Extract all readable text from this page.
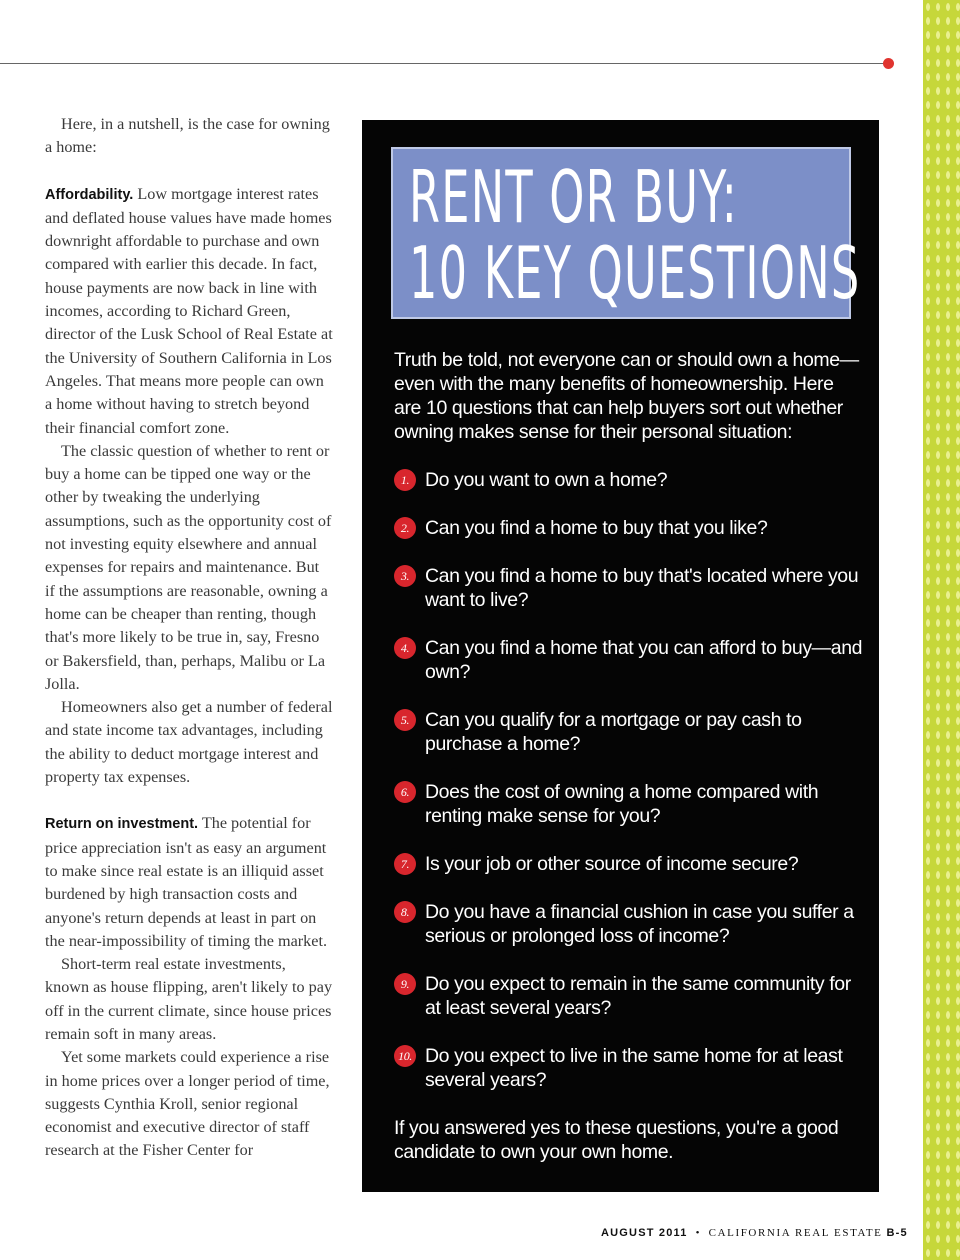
Here, in a nutshell, is the case for owning a home:

Affordability. Low mortgage interest rates and deflated house values have made homes downright affordable to purchase and own compared with earlier this decade. In fact, house payments are now back in line with incomes, according to Richard Green, director of the Lusk School of Real Estate at the University of Southern California in Los Angeles. That means more people can own a home without having to stretch beyond their financial comfort zone.

The classic question of whether to rent or buy a home can be tipped one way or the other by tweaking the underlying assumptions, such as the opportunity cost of not investing equity elsewhere and annual expenses for repairs and maintenance. But if the assumptions are reasonable, owning a home can be cheaper than renting, though that's more likely to be true in, say, Fresno or Bakersfield, than, perhaps, Malibu or La Jolla.

Homeowners also get a number of federal and state income tax advantages, including the ability to deduct mortgage interest and property tax expenses.

Return on investment. The potential for price appreciation isn't as easy an argument to make since real estate is an illiquid asset burdened by high transaction costs and anyone's return depends at least in part on the near-impossibility of timing the market.

Short-term real estate investments, known as house flipping, aren't likely to pay off in the current climate, since house prices remain soft in many areas.

Yet some markets could experience a rise in home prices over a longer period of time, suggests Cynthia Kroll, senior regional economist and executive director of staff research at the Fisher Center for

RENT OR BUY:
10 KEY QUESTIONS
Truth be told, not everyone can or should own a home—even with the many benefits of homeownership. Here are 10 questions that can help buyers sort out whether owning makes sense for their personal situation:
1. Do you want to own a home?
2. Can you find a home to buy that you like?
3. Can you find a home to buy that's located where you want to live?
4. Can you find a home that you can afford to buy—and own?
5. Can you qualify for a mortgage or pay cash to purchase a home?
6. Does the cost of owning a home compared with renting make sense for you?
7. Is your job or other source of income secure?
8. Do you have a financial cushion in case you suffer a serious or prolonged loss of income?
9. Do you expect to remain in the same community for at least several years?
10. Do you expect to live in the same home for at least several years?
If you answered yes to these questions, you're a good candidate to own your own home.
AUGUST 2011 • CALIFORNIA REAL ESTATE B-5
